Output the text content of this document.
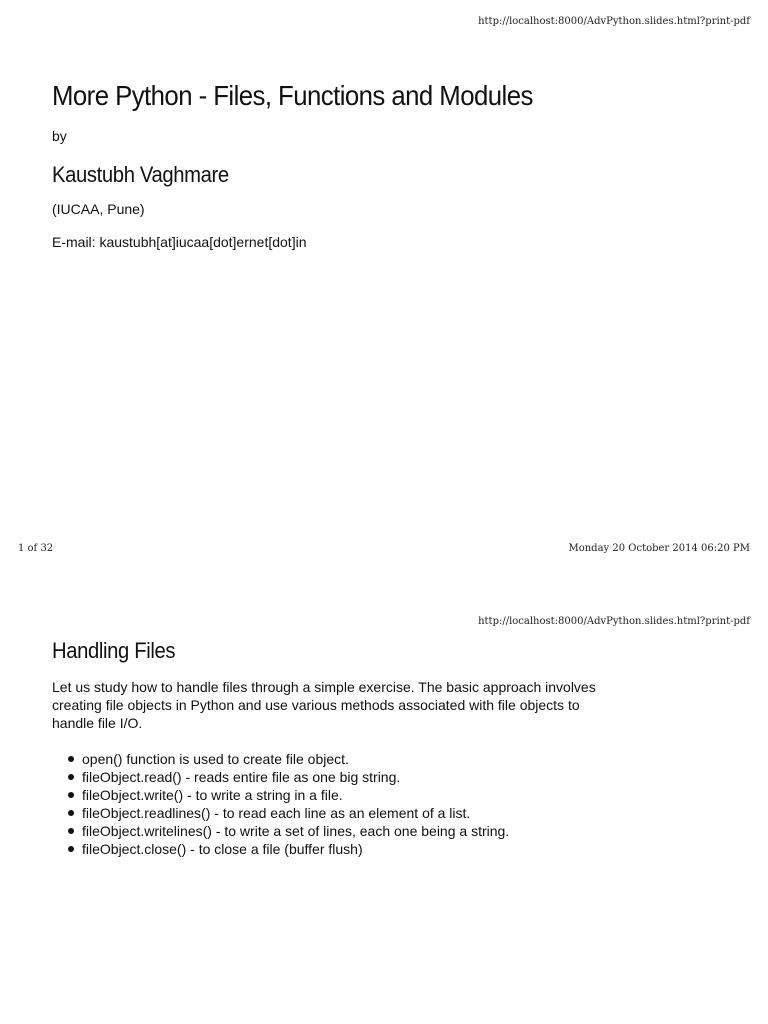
http://localhost:8000/AdvPython.slides.html?print-pdf
More Python - Files, Functions and Modules
by
Kaustubh Vaghmare
(IUCAA, Pune)
E-mail: kaustubh[at]iucaa[dot]ernet[dot]in
1 of 32	Monday 20 October 2014 06:20 PM
http://localhost:8000/AdvPython.slides.html?print-pdf
Handling Files

Let us study how to handle files through a simple exercise. The basic approach involves creating file objects in Python and use various methods associated with file objects to handle file I/O.

open() function is used to create file object.
fileObject.read() - reads entire file as one big string.
fileObject.write() - to write a string in a file.
fileObject.readlines() - to read each line as an element of a list.
fileObject.writelines() - to write a set of lines, each one being a string.
fileObject.close() - to close a file (buffer flush)
